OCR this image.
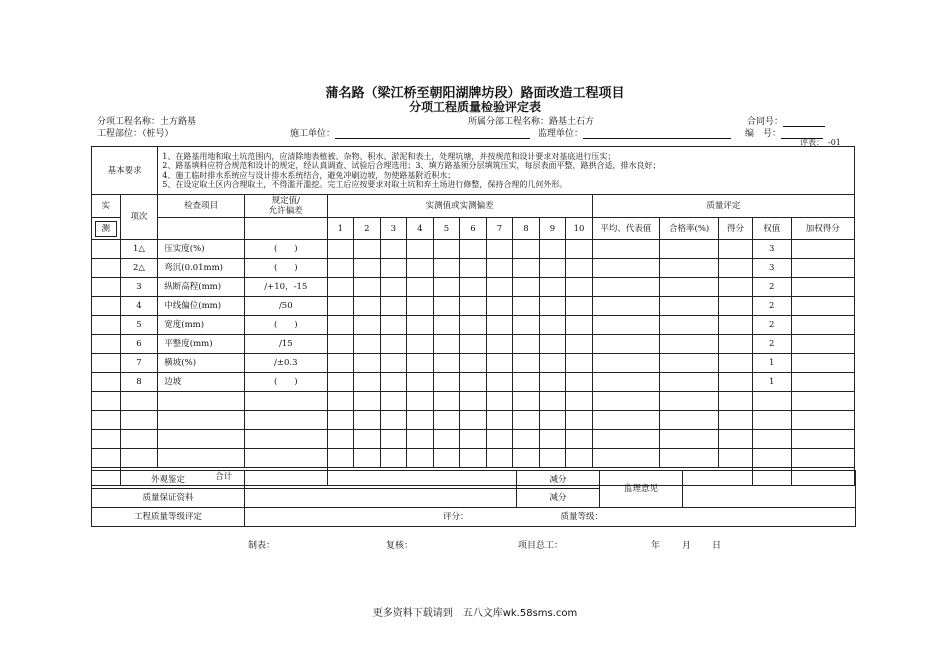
蒲名路（梁江桥至朝阳湖牌坊段）路面改造工程项目
分项工程质量检验评定表
分项工程名称：土方路基	所属分部工程名称：路基土石方	合同号：
工程部位：（桩号）	施工单位：	监理单位：	编　号：
评表：　-01
基本要求		1、在路基用地和取土坑范围内，应清除地表植被、杂物、积水、淤泥和表土，处理坑塘，并按规范和设计要求对基底进行压实；
2、路基填料应符合规范和设计的规定，经认真调查、试验后合理选用；3、填方路基须分层填筑压实，每层表面平整，路拱合适，排水良好；
4、施工临时排水系统应与设计排水系统结合，避免冲刷边坡，勿使路基附近积水；
5、在设定取土区内合理取土，不得滥开滥挖。完工后应按要求对取土坑和弃土场进行修整，保持合理的几何外形。																

实	项次	检查项目	规定值/
允许偏差	实测值或实测偏差										质量评定				
测				1	2	3	4	5	6	7	8	9	10	平均、代表值	合格率(%)	得分	权值	加权得分
	1△	压实度(%)	(　　)														3	
	2△	弯沉(0.01mm)	(　　)														3	
	3	纵断高程(mm)	/+10，-15														2	
	4	中线偏位(mm)	/50														2	
	5	宽度(mm)	(　　)														2	
	6	平整度(mm)	/15														2	
	7	横坡(%)	/±0.3														1	
	8	边坡	(　　)														1	

	合计																	
外观鉴定		减分	监理意见	
质量保证资料		减分		
工程质量等级评定	评分： 质量等级：			
制表：	复核：	项目总工：	年 月 日
更多资料下载请到　五八文库wk.58sms.com
